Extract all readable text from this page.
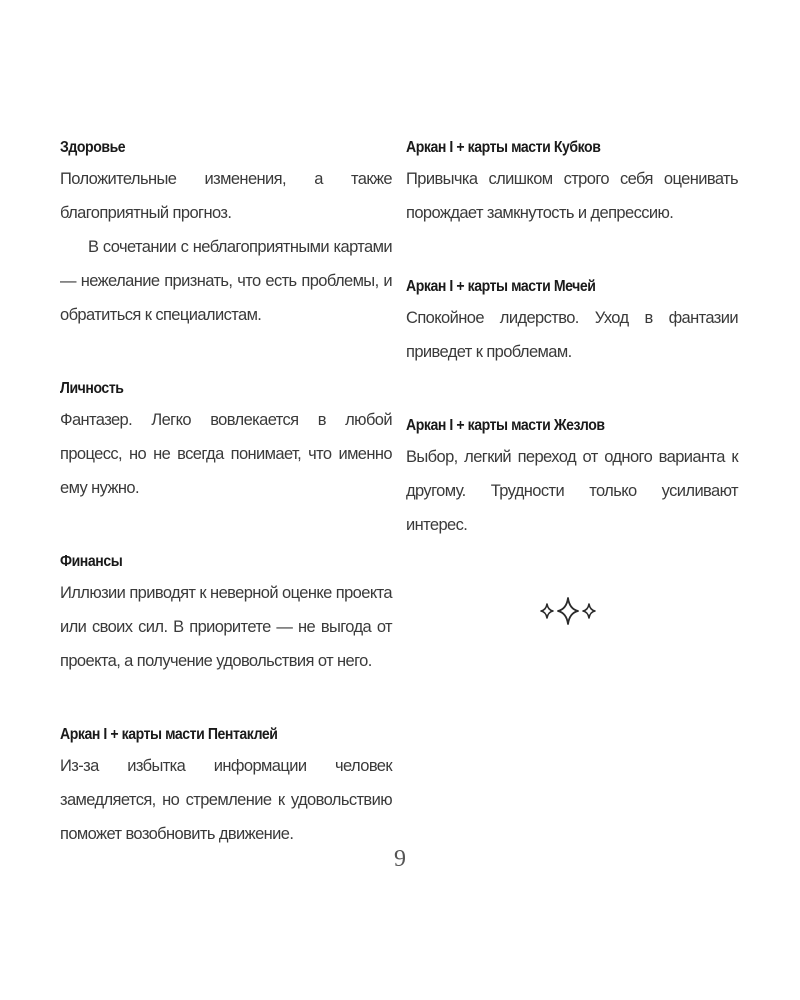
Здоровье
Положительные изменения, а также благоприятный прогноз.
В сочетании с неблагоприятными картами — нежелание признать, что есть проблемы, и обратиться к специалистам.
Личность
Фантазер. Легко вовлекается в любой процесс, но не всегда понимает, что именно ему нужно.
Финансы
Иллюзии приводят к неверной оценке проекта или своих сил. В приоритете — не выгода от проекта, а получение удовольствия от него.
Аркан I + карты масти Пентаклей
Из-за избытка информации человек замедляется, но стремление к удовольствию поможет возобновить движение.
Аркан I + карты масти Кубков
Привычка слишком строго себя оценивать порождает замкнутость и депрессию.
Аркан I + карты масти Мечей
Спокойное лидерство. Уход в фантазии приведет к проблемам.
Аркан I + карты масти Жезлов
Выбор, легкий переход от одного варианта к другому. Трудности только усиливают интерес.
9
